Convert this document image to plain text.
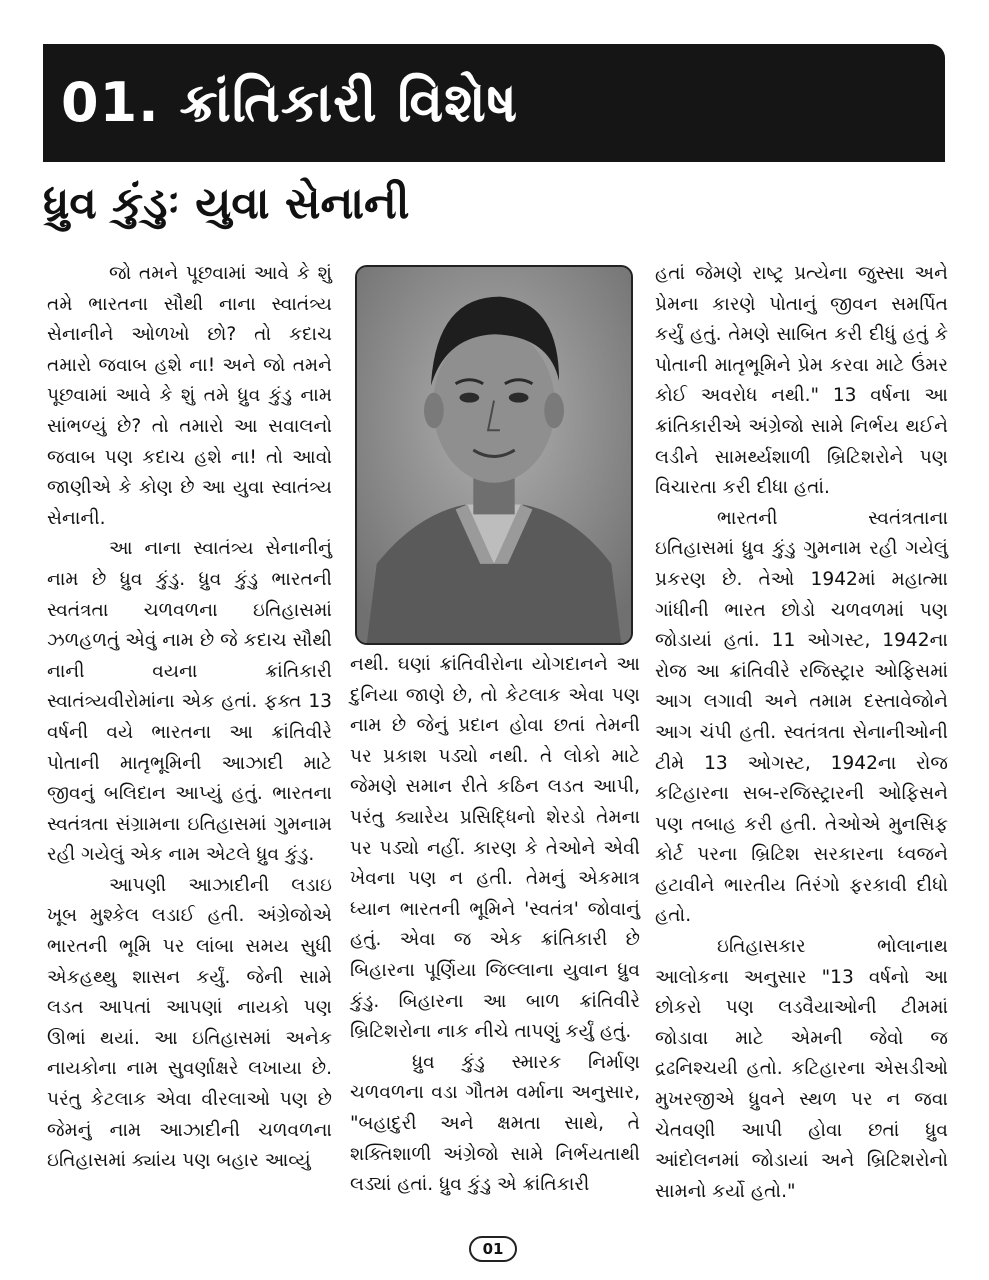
01. ક્રાંતિકારી વિશેષ
ધ્રુવ કુંડુઃ યુવા સેનાની

જો તમને પૂછવામાં આવે કે શું તમે ભારતના સૌથી નાના સ્વાતંત્ર્ય સેનાનીને ઓળખો છો? તો કદાચ તમારો જવાબ હશે ના! અને જો તમને પૂછવામાં આવે કે શું તમે ધ્રુવ કુંડુ નામ સાંભળ્યું છે? તો તમારો આ સવાલનો જવાબ પણ કદાચ હશે ના! તો આવો જાણીએ કે કોણ છે આ યુવા સ્વાતંત્ર્ય સેનાની.

આ નાના સ્વાતંત્ર્ય સેનાનીનું નામ છે ધ્રુવ કુંડુ. ધ્રુવ કુંડુ ભારતની સ્વતંત્રતા ચળવળના ઇતિહાસમાં ઝળહળતું એવું નામ છે જે કદાચ સૌથી નાની વયના ક્રાંતિકારી સ્વાતંત્ર્યવીરોમાંના એક હતાં. ફક્ત 13 વર્ષની વયે ભારતના આ ક્રાંતિવીરે પોતાની માતૃભૂમિની આઝાદી માટે જીવનું બલિદાન આપ્યું હતું. ભારતના સ્વતંત્રતા સંગ્રામના ઇતિહાસમાં ગુમનામ રહી ગયેલું એક નામ એટલે ધ્રુવ કુંડુ.

આપણી આઝાદીની લડાઇ ખૂબ મુશ્કેલ લડાઈ હતી. અંગ્રેજોએ ભારતની ભૂમિ પર લાંબા સમય સુધી એકહથ્થુ શાસન કર્યું. જેની સામે લડત આપતાં આપણાં નાયકો પણ ઊભાં થયાં. આ ઇતિહાસમાં અનેક નાયકોના નામ સુવર્ણાક્ષરે લખાયા છે. પરંતુ કેટલાક એવા વીરલાઓ પણ છે જેમનું નામ આઝાદીની ચળવળના ઇતિહાસમાં ક્યાંય પણ બહાર આવ્યું

નથી. ઘણાં ક્રાંતિવીરોના યોગદાનને આ દુનિયા જાણે છે, તો કેટલાક એવા પણ નામ છે જેનું પ્રદાન હોવા છતાં તેમની પર પ્રકાશ પડ્યો નથી. તે લોકો માટે જેમણે સમાન રીતે કઠિન લડત આપી, પરંતુ ક્યારેય પ્રસિદ્ધિનો શેરડો તેમના પર પડ્યો નહીં. કારણ કે તેઓને એવી ખેવના પણ ન હતી. તેમનું એકમાત્ર ધ્યાન ભારતની ભૂમિને 'સ્વતંત્ર' જોવાનું હતું. એવા જ એક ક્રાંતિકારી છે બિહારના પૂર્ણિયા જિલ્લાના યુવાન ધ્રુવ કુંડુ. બિહારના આ બાળ ક્રાંતિવીરે બ્રિટિશરોના નાક નીચે તાપણું કર્યું હતું.

ધ્રુવ કુંડુ સ્મારક નિર્માણ ચળવળના વડા ગૌતમ વર્માના અનુસાર, "બહાદુરી અને ક્ષમતા સાથે, તે શક્તિશાળી અંગ્રેજો સામે નિર્ભયતાથી લડ્યાં હતાં. ધ્રુવ કુંડુ એ ક્રાંતિકારી

હતાં જેમણે રાષ્ટ્ર પ્રત્યેના જુસ્સા અને પ્રેમના કારણે પોતાનું જીવન સમર્પિત કર્યું હતું. તેમણે સાબિત કરી દીધું હતું કે પોતાની માતૃભૂમિને પ્રેમ કરવા માટે ઉંમર કોઈ અવરોધ નથી." 13 વર્ષના આ ક્રાંતિકારીએ અંગ્રેજો સામે નિર્ભય થઈને લડીને સામર્થ્યશાળી બ્રિટિશરોને પણ વિચારતા કરી દીધા હતાં.

ભારતની સ્વતંત્રતાના ઇતિહાસમાં ધ્રુવ કુંડુ ગુમનામ રહી ગયેલું પ્રકરણ છે. તેઓ 1942માં મહાત્મા ગાંધીની ભારત છોડો ચળવળમાં પણ જોડાયાં હતાં. 11 ઓગસ્ટ, 1942ના રોજ આ ક્રાંતિવીરે રજિસ્ટ્રાર ઓફિસમાં આગ લગાવી અને તમામ દસ્તાવેજોને આગ ચંપી હતી. સ્વતંત્રતા સેનાનીઓની ટીમે 13 ઓગસ્ટ, 1942ના રોજ કટિહારના સબ-રજિસ્ટ્રારની ઓફિસને પણ તબાહ કરી હતી. તેઓએ મુનસિફ કોર્ટ પરના બ્રિટિશ સરકારના ધ્વજને હટાવીને ભારતીય તિરંગો ફરકાવી દીધો હતો.

ઇતિહાસકાર ભોલાનાથ આલોકના અનુસાર "13 વર્ષનો આ છોકરો પણ લડવૈયાઓની ટીમમાં જોડાવા માટે એમની જેવો જ દ્રઢનિશ્ચયી હતો. કટિહારના એસડીઓ મુખરજીએ ધ્રુવને સ્થળ પર ન જવા ચેતવણી આપી હોવા છતાં ધ્રુવ આંદોલનમાં જોડાયાં અને બ્રિટિશરોનો સામનો કર્યો હતો."

01
